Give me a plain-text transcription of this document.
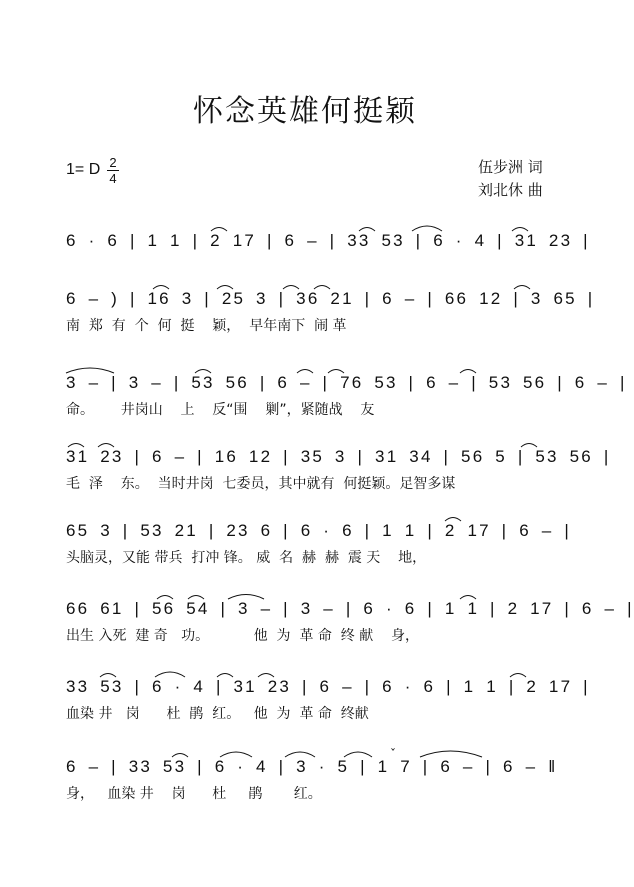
怀念英雄何挺颖
1= D 2
4
伍步洲 词
刘北休 曲
6 · 6 | 1 1 | 2 17 | 6 – | 33 53 | 6 · 4 | 31 23 |
6 – ) | 16 3 | 25 3 | 36 21 | 6 – | 66 12 | 3 65 |
南  郑  有  个  何  挺    颖，  早年南下  闹 革
3 – | 3 – | 53 56 | 6 – | 76 53 | 6 – | 53 56 | 6 – |
命。      井岗山    上    反“围    剿”，紧随战    友
31 23 | 6 – | 16 12 | 35 3 | 31 34 | 56 5 | 53 56 |
毛  泽    东。  当时井岗  七委员，其中就有  何挺颖。足智多谋
65 3 | 53 21 | 23 6 | 6 · 6 | 1 1 | 2 17 | 6 – |
头脑灵，又能 带兵  打冲 锋。 威  名  赫  赫  震 天    地，
66 61 | 56 54 | 3 – | 3 – | 6 · 6 | 1 1 | 2 17 | 6 – |
出生 入死  建 奇   功。          他  为  革 命  终 献    身，
33 53 | 6 · 4 | 31 23 | 6 – | 6 · 6 | 1 1 | 2 17 |
血染 井   岗      杜  鹃  红。   他  为  革 命  终献
6 – | 33 53 | 6 · 4 | 3 · 5 | 1 7 | 6 – | 6 – ‖
身，   血染 井    岗      杜     鹃       红。
ˇ
